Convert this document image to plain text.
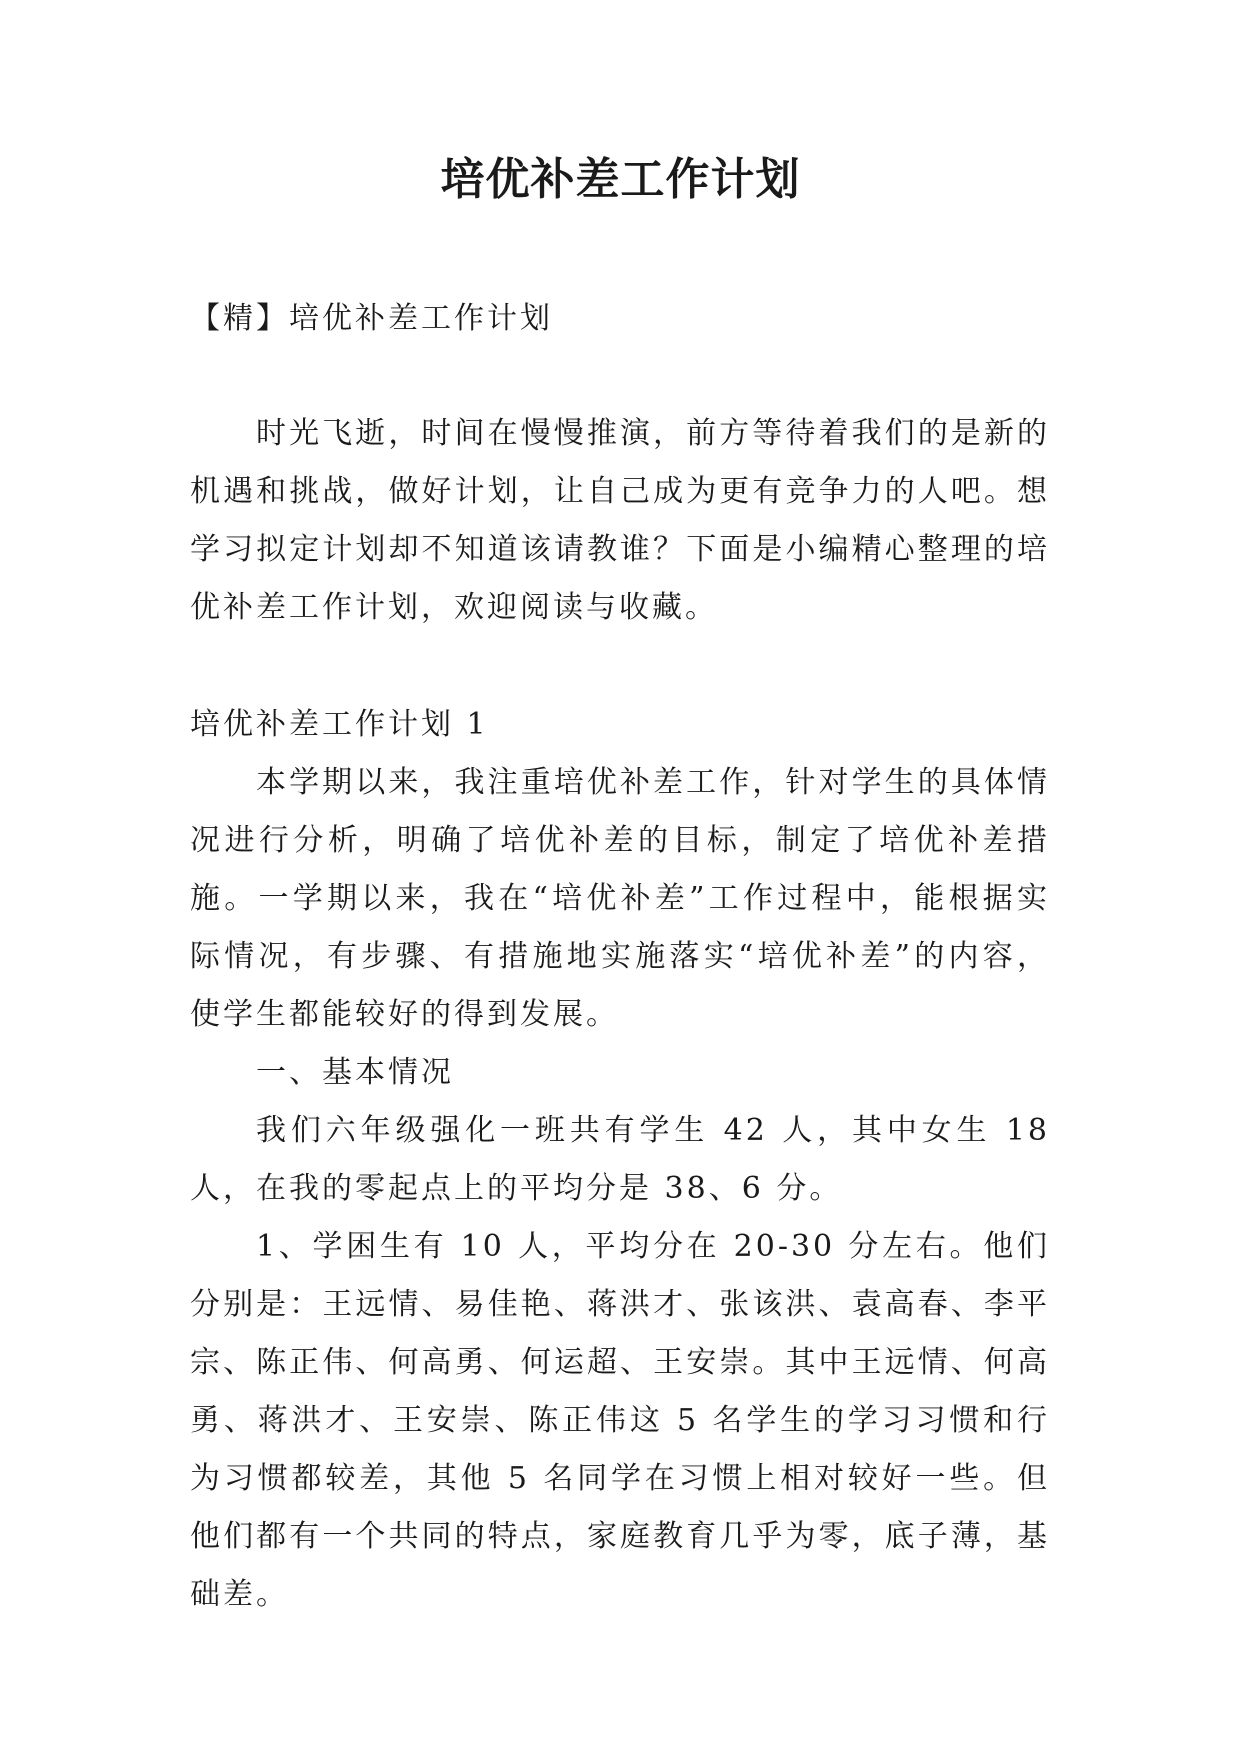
培优补差工作计划
【精】培优补差工作计划

时光飞逝，时间在慢慢推演，前方等待着我们的是新的机遇和挑战，做好计划，让自己成为更有竞争力的人吧。想学习拟定计划却不知道该请教谁？下面是小编精心整理的培优补差工作计划，欢迎阅读与收藏。

培优补差工作计划 1

本学期以来，我注重培优补差工作，针对学生的具体情况进行分析，明确了培优补差的目标，制定了培优补差措施。一学期以来，我在“培优补差”工作过程中，能根据实际情况，有步骤、有措施地实施落实“培优补差”的内容，使学生都能较好的得到发展。

一、基本情况

我们六年级强化一班共有学生 42 人，其中女生 18 人，在我的零起点上的平均分是 38、6 分。

1、学困生有 10 人，平均分在 20-30 分左右。他们分别是：王远情、易佳艳、蒋洪才、张该洪、袁高春、李平宗、陈正伟、何高勇、何运超、王安崇。其中王远情、何高勇、蒋洪才、王安崇、陈正伟这 5 名学生的学习习惯和行为习惯都较差，其他 5 名同学在习惯上相对较好一些。但他们都有一个共同的特点，家庭教育几乎为零，底子薄，基础差。
